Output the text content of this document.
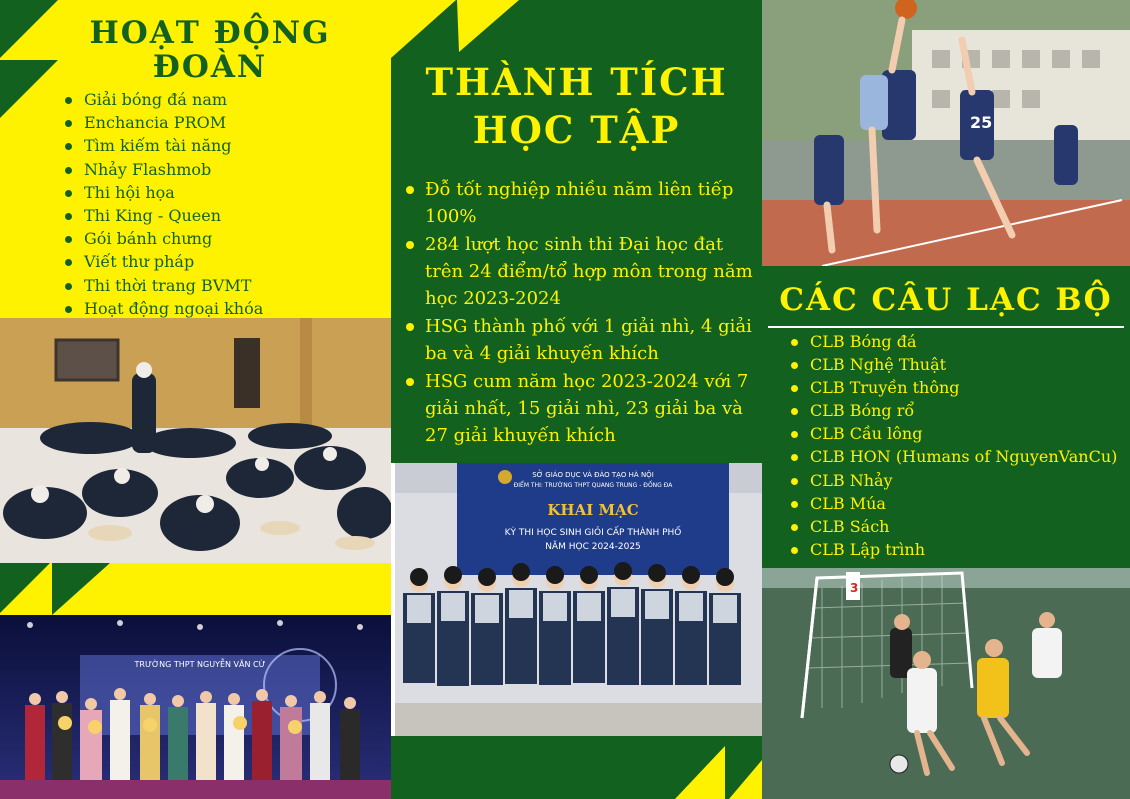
HOẠT ĐỘNG ĐOÀN
Giải bóng đá nam
Enchancia PROM
Tìm kiếm tài năng
Nhảy Flashmob
Thi hội họa
Thi King - Queen
Gói bánh chưng
Viết thư pháp
Thi thời trang BVMT
Hoạt động ngoại khóa
TRƯỜNG THPT NGUYỄN VĂN CỪ
THÀNH TÍCH
HỌC TẬP
Đỗ tốt nghiệp nhiều năm liên tiếp 100%
284 lượt học sinh thi Đại học đạt trên 24 điểm/tổ hợp môn trong năm học 2023-2024
HSG thành phố với 1 giải nhì, 4 giải ba và 4 giải khuyến khích
HSG cum năm học 2023-2024 với 7 giải nhất, 15 giải nhì, 23 giải ba và 27 giải khuyến khích
SỞ GIÁO DỤC VÀ ĐÀO TẠO HÀ NỘI
ĐIỂM THI: TRƯỜNG THPT QUANG TRUNG - ĐỐNG ĐA
KHAI MẠC
KỲ THI HỌC SINH GIỎI CẤP THÀNH PHỐ
NĂM HỌC 2024-2025
25
CÁC CÂU LẠC BỘ
CLB Bóng đá
CLB Nghệ Thuật
CLB Truyền thông
CLB Bóng rổ
CLB Cầu lông
CLB HON (Humans of NguyenVanCu)
CLB Nhảy
CLB Múa
CLB Sách
CLB Lập trình
3
